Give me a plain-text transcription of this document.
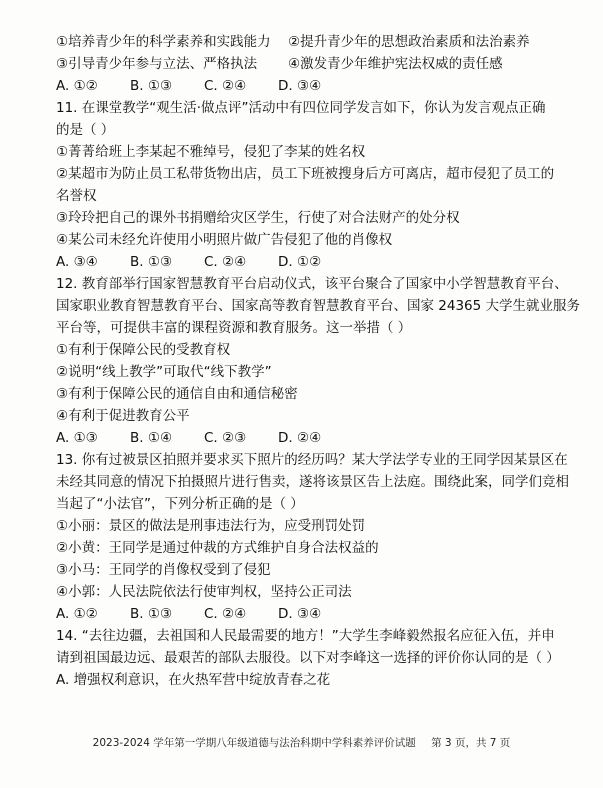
①培养青少年的科学素养和实践能力	②提升青少年的思想政治素质和法治素养
③引导青少年参与立法、严格执法	④激发青少年维护宪法权威的责任感
A. ①②	B. ①③	C. ②④	D. ③④
11. 在课堂教学“观生活·做点评”活动中有四位同学发言如下，你认为发言观点正确
的是（ ）
①菁菁给班上李某起不雅绰号，侵犯了李某的姓名权
②某超市为防止员工私带货物出店，员工下班被搜身后方可离店，超市侵犯了员工的
名誉权
③玲玲把自己的课外书捐赠给灾区学生，行使了对合法财产的处分权
④某公司未经允许使用小明照片做广告侵犯了他的肖像权
A. ③④	B. ①③	C. ②④	D. ①②
12. 教育部举行国家智慧教育平台启动仪式，该平台聚合了国家中小学智慧教育平台、
国家职业教育智慧教育平台、国家高等教育智慧教育平台、国家 24365 大学生就业服务
平台等，可提供丰富的课程资源和教育服务。这一举措（ ）
①有利于保障公民的受教育权
②说明“线上教学”可取代“线下教学”
③有利于保障公民的通信自由和通信秘密
④有利于促进教育公平
A. ①③	B. ①④	C. ②③	D. ②④
13. 你有过被景区拍照并要求买下照片的经历吗？某大学法学专业的王同学因某景区在
未经其同意的情况下拍摄照片进行售卖，遂将该景区告上法庭。围绕此案，同学们竞相
当起了“小法官”，下列分析正确的是（ ）
①小丽：景区的做法是刑事违法行为，应受刑罚处罚
②小黄：王同学是通过仲裁的方式维护自身合法权益的
③小马：王同学的肖像权受到了侵犯
④小郭：人民法院依法行使审判权，坚持公正司法
A. ①②	B. ①③	C. ②④	D. ③④
14. “去往边疆，去祖国和人民最需要的地方！”大学生李峰毅然报名应征入伍，并申
请到祖国最边远、最艰苦的部队去服役。以下对李峰这一选择的评价你认同的是（ ）
A. 增强权利意识，在火热军营中绽放青春之花
2023-2024 学年第一学期八年级道德与法治科期中学科素养评价试题 第 3 页，共 7 页
